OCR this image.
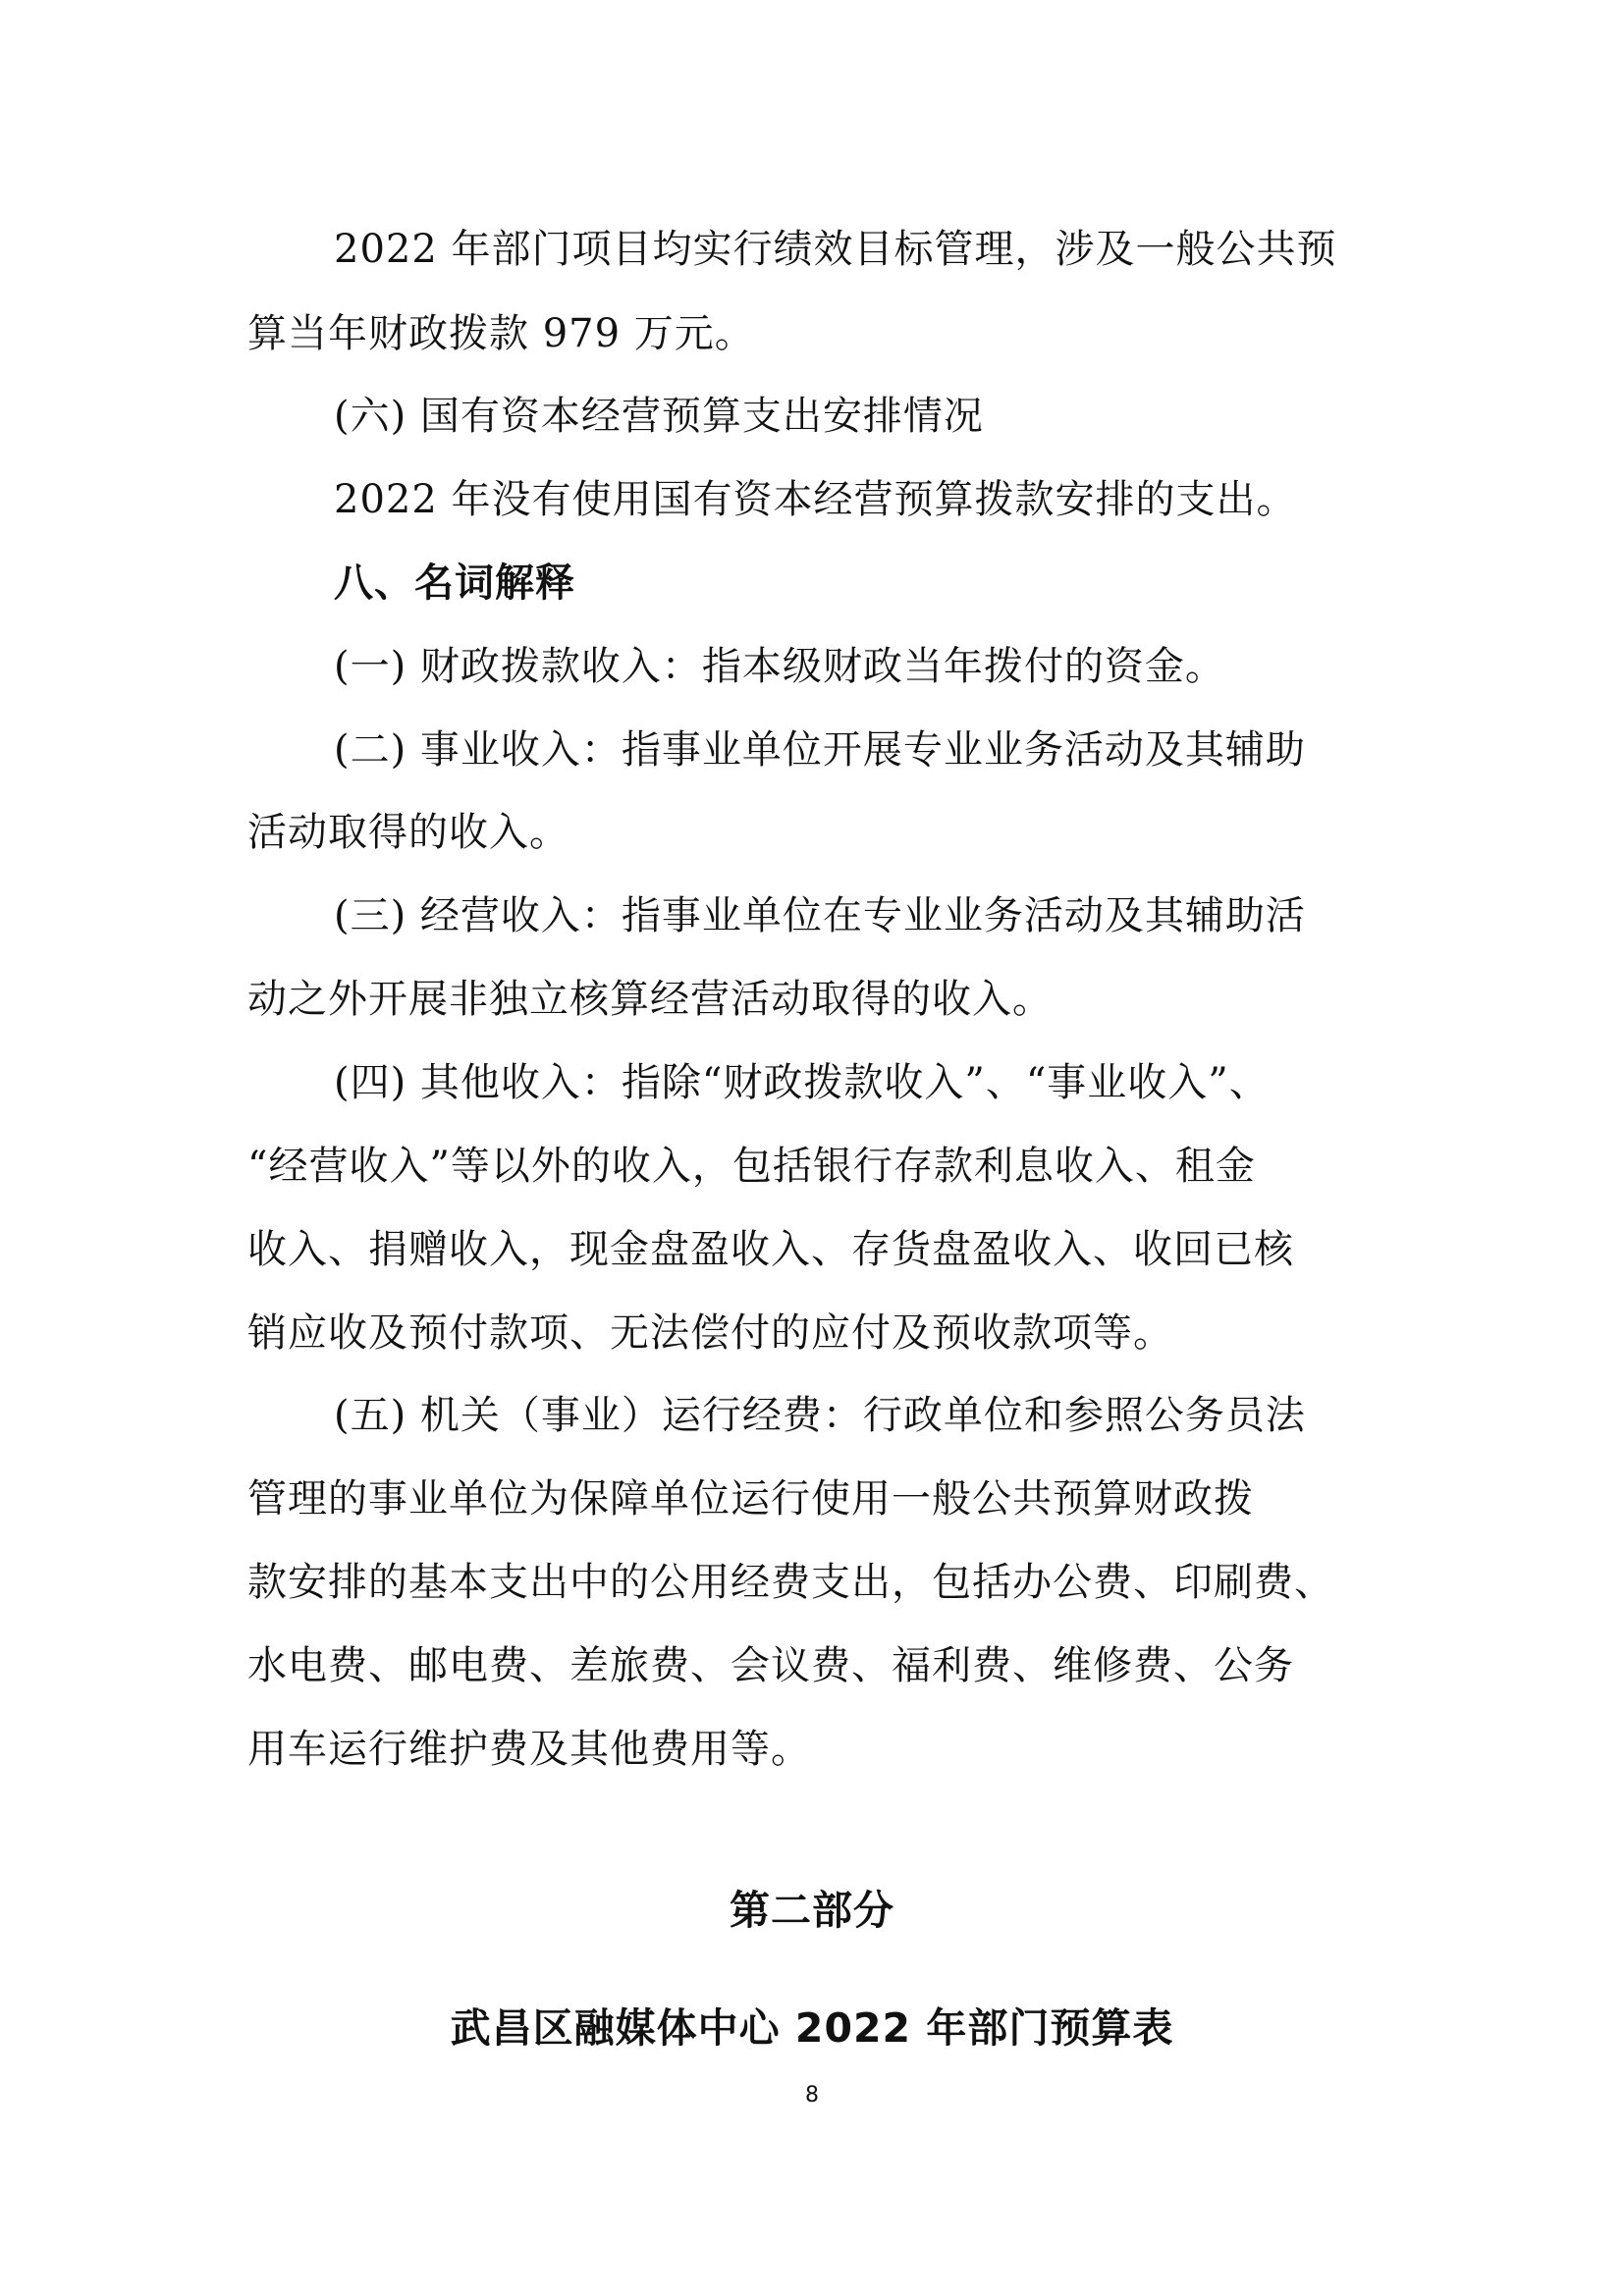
2022 年部门项目均实行绩效目标管理，涉及一般公共预
算当年财政拨款 979 万元。
(六) 国有资本经营预算支出安排情况
2022 年没有使用国有资本经营预算拨款安排的支出。
八、名词解释
(一) 财政拨款收入：指本级财政当年拨付的资金。
(二) 事业收入：指事业单位开展专业业务活动及其辅助
活动取得的收入。
(三) 经营收入：指事业单位在专业业务活动及其辅助活
动之外开展非独立核算经营活动取得的收入。
(四) 其他收入：指除“财政拨款收入”、“事业收入”、
“经营收入”等以外的收入，包括银行存款利息收入、租金
收入、捐赠收入，现金盘盈收入、存货盘盈收入、收回已核
销应收及预付款项、无法偿付的应付及预收款项等。
(五) 机关（事业）运行经费：行政单位和参照公务员法
管理的事业单位为保障单位运行使用一般公共预算财政拨
款安排的基本支出中的公用经费支出，包括办公费、印刷费、
水电费、邮电费、差旅费、会议费、福利费、维修费、公务
用车运行维护费及其他费用等。
第二部分
武昌区融媒体中心 2022 年部门预算表
8
